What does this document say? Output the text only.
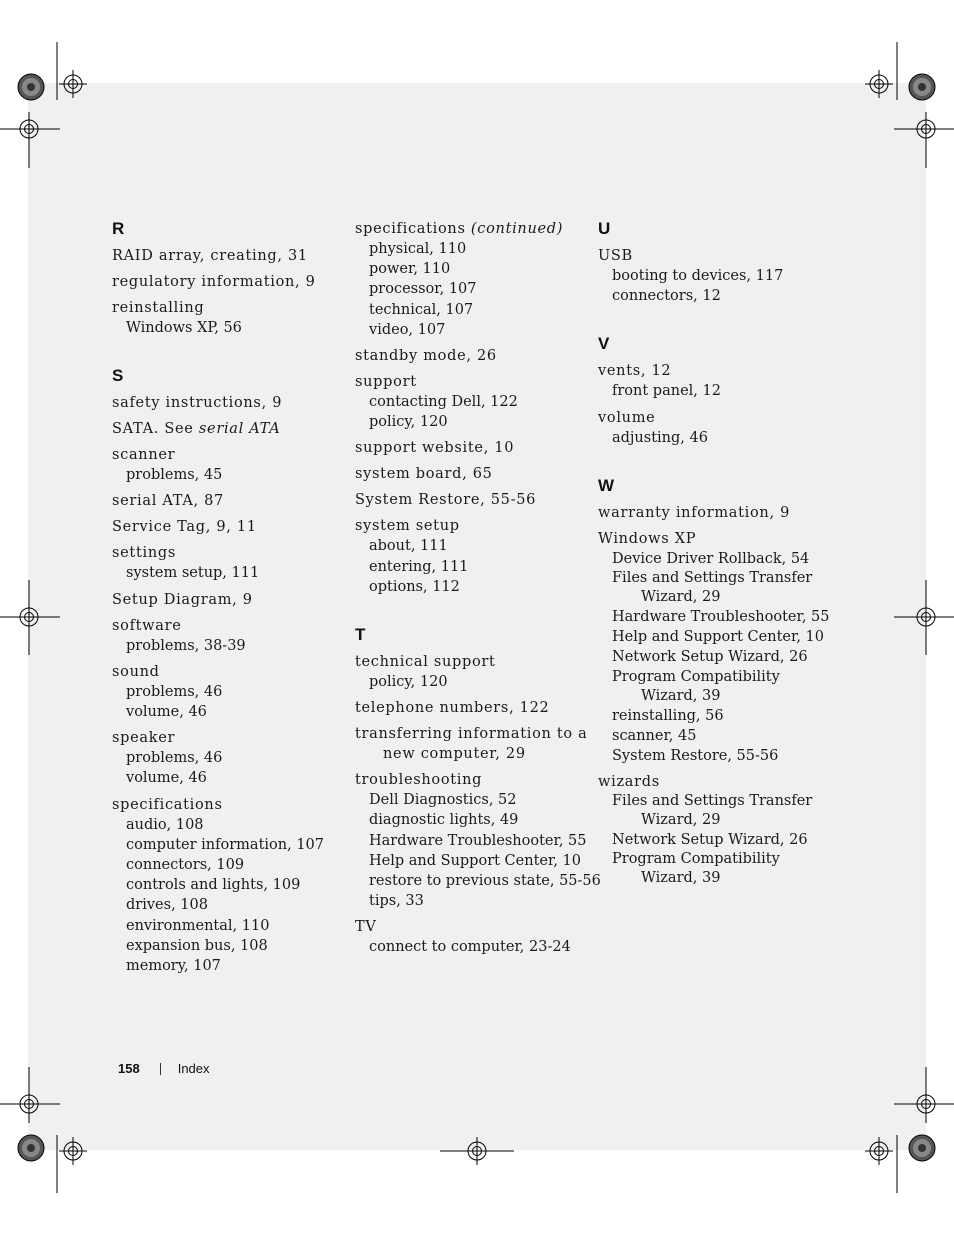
R
RAID array, creating, 31
regulatory information, 9
reinstalling
Windows XP, 56
S
safety instructions, 9
SATA. See serial ATA
scanner
problems, 45
serial ATA, 87
Service Tag, 9, 11
settings
system setup, 111
Setup Diagram, 9
software
problems, 38-39
sound
problems, 46
volume, 46
speaker
problems, 46
volume, 46
specifications
audio, 108
computer information, 107
connectors, 109
controls and lights, 109
drives, 108
environmental, 110
expansion bus, 108
memory, 107
specifications (continued)
physical, 110
power, 110
processor, 107
technical, 107
video, 107
standby mode, 26
support
contacting Dell, 122
policy, 120
support website, 10
system board, 65
System Restore, 55-56
system setup
about, 111
entering, 111
options, 112
T
technical support
policy, 120
telephone numbers, 122
transferring information to a
new computer, 29
troubleshooting
Dell Diagnostics, 52
diagnostic lights, 49
Hardware Troubleshooter, 55
Help and Support Center, 10
restore to previous state, 55-56
tips, 33
TV
connect to computer, 23-24
U
USB
booting to devices, 117
connectors, 12
V
vents, 12
front panel, 12
volume
adjusting, 46
W
warranty information, 9
Windows XP
Device Driver Rollback, 54
Files and Settings Transfer
Wizard, 29
Hardware Troubleshooter, 55
Help and Support Center, 10
Network Setup Wizard, 26
Program Compatibility
Wizard, 39
reinstalling, 56
scanner, 45
System Restore, 55-56
wizards
Files and Settings Transfer
Wizard, 29
Network Setup Wizard, 26
Program Compatibility
Wizard, 39
158	Index
